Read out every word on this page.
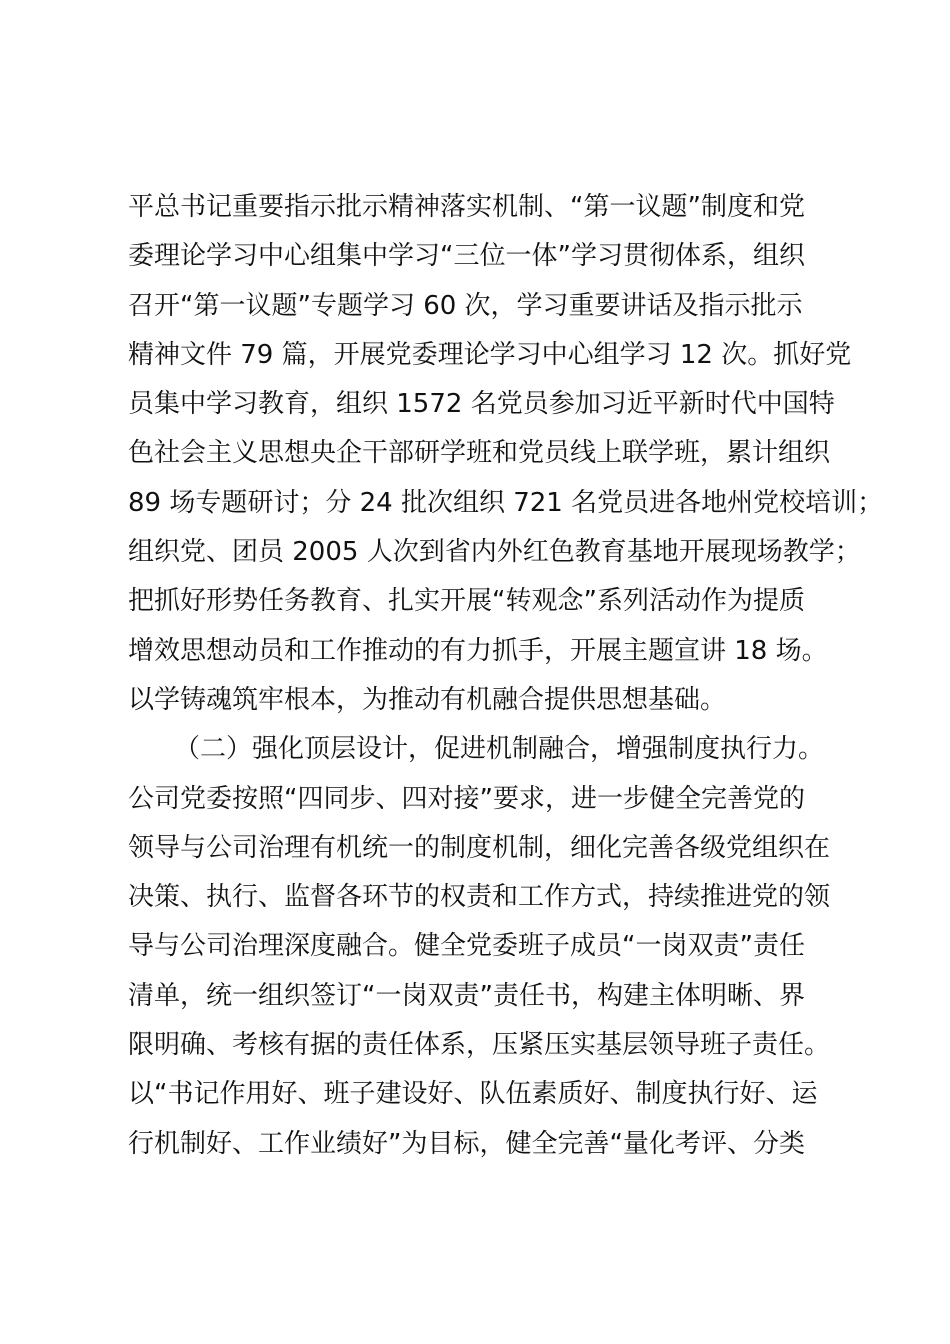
平总书记重要指示批示精神落实机制、“第一议题”制度和党
委理论学习中心组集中学习“三位一体”学习贯彻体系，组织
召开“第一议题”专题学习 60 次，学习重要讲话及指示批示
精神文件 79 篇，开展党委理论学习中心组学习 12 次。抓好党
员集中学习教育，组织 1572 名党员参加习近平新时代中国特
色社会主义思想央企干部研学班和党员线上联学班，累计组织
89 场专题研讨；分 24 批次组织 721 名党员进各地州党校培训；
组织党、团员 2005 人次到省内外红色教育基地开展现场教学；
把抓好形势任务教育、扎实开展“转观念”系列活动作为提质
增效思想动员和工作推动的有力抓手，开展主题宣讲 18 场。
以学铸魂筑牢根本，为推动有机融合提供思想基础。
（二）强化顶层设计，促进机制融合，增强制度执行力。
公司党委按照“四同步、四对接”要求，进一步健全完善党的
领导与公司治理有机统一的制度机制，细化完善各级党组织在
决策、执行、监督各环节的权责和工作方式，持续推进党的领
导与公司治理深度融合。健全党委班子成员“一岗双责”责任
清单，统一组织签订“一岗双责”责任书，构建主体明晰、界
限明确、考核有据的责任体系，压紧压实基层领导班子责任。
以“书记作用好、班子建设好、队伍素质好、制度执行好、运
行机制好、工作业绩好”为目标，健全完善“量化考评、分类
